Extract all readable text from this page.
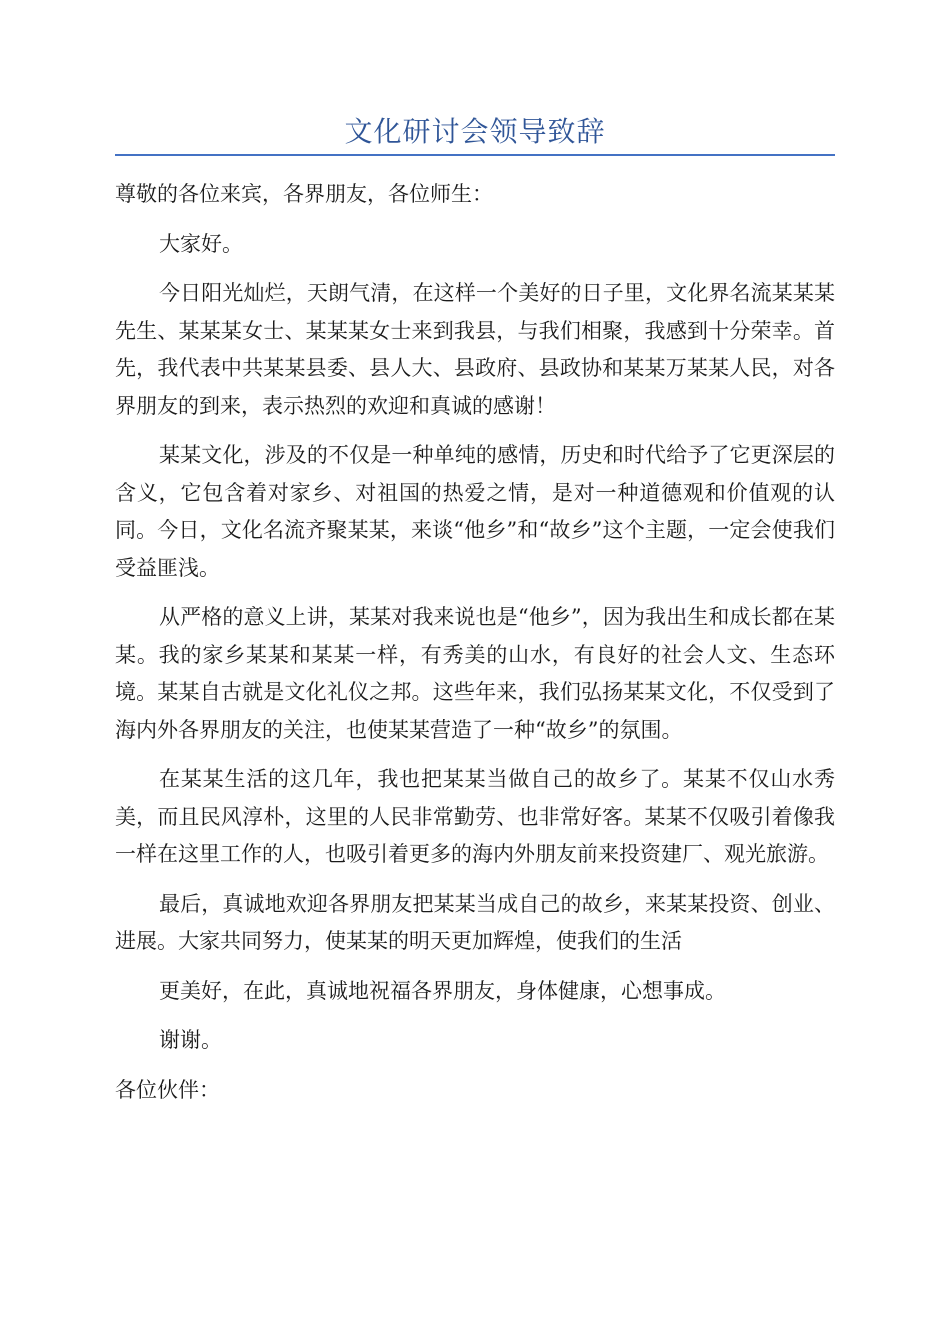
文化研讨会领导致辞

尊敬的各位来宾，各界朋友，各位师生：

大家好。

今日阳光灿烂，天朗气清，在这样一个美好的日子里，文化界名流某某某先生、某某某女士、某某某女士来到我县，与我们相聚，我感到十分荣幸。首先，我代表中共某某县委、县人大、县政府、县政协和某某万某某人民，对各界朋友的到来，表示热烈的欢迎和真诚的感谢！

某某文化，涉及的不仅是一种单纯的感情，历史和时代给予了它更深层的含义，它包含着对家乡、对祖国的热爱之情，是对一种道德观和价值观的认同。今日，文化名流齐聚某某，来谈“他乡”和“故乡”这个主题，一定会使我们受益匪浅。

从严格的意义上讲，某某对我来说也是“他乡”，因为我出生和成长都在某某。我的家乡某某和某某一样，有秀美的山水，有良好的社会人文、生态环境。某某自古就是文化礼仪之邦。这些年来，我们弘扬某某文化，不仅受到了海内外各界朋友的关注，也使某某营造了一种“故乡”的氛围。

在某某生活的这几年，我也把某某当做自己的故乡了。某某不仅山水秀美，而且民风淳朴，这里的人民非常勤劳、也非常好客。某某不仅吸引着像我一样在这里工作的人，也吸引着更多的海内外朋友前来投资建厂、观光旅游。

最后，真诚地欢迎各界朋友把某某当成自己的故乡，来某某投资、创业、进展。大家共同努力，使某某的明天更加辉煌，使我们的生活

更美好，在此，真诚地祝福各界朋友，身体健康，心想事成。

谢谢。

各位伙伴：
